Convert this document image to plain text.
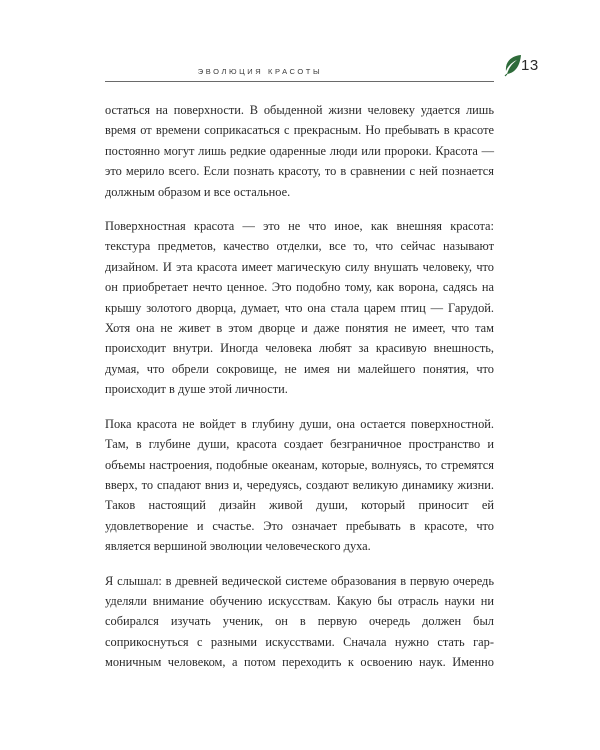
ЭВОЛЮЦИЯ КРАСОТЫ	13

остаться на поверхности. В обыденной жизни человеку удается лишь время от времени соприкасаться с прекрасным. Но пребывать в красоте постоянно могут лишь редкие одаренные люди или пророки. Красота — это мерило всего. Если познать красоту, то в сравнении с ней познается должным образом и все остальное.

Поверхностная красота — это не что иное, как внешняя красота: текстура предметов, качество отделки, все то, что сейчас называют дизайном. И эта красота имеет магическую силу внушать человеку, что он приобретает нечто ценное. Это подобно тому, как ворона, садясь на крышу золотого дворца, думает, что она стала царем птиц — Гарудой. Хотя она не живет в этом дворце и даже понятия не имеет, что там происходит внутри. Иногда человека любят за красивую внешность, думая, что обрели сокровище, не имея ни малейшего понятия, что происходит в душе этой личности.

Пока красота не войдет в глубину души, она остается поверхностной. Там, в глубине души, красота создает безграничное пространство и объемы настроения, подобные океанам, которые, волнуясь, то стремятся вверх, то спадают вниз и, чередуясь, создают великую динамику жизни. Таков настоящий дизайн живой души, который приносит ей удовлетворение и счастье. Это означает пребывать в красоте, что является вершиной эволюции человеческого духа.

Я слышал: в древней ведической системе образования в первую очередь уделяли внимание обучению искусствам. Какую бы отрасль науки ни собирался изучать ученик, он в первую очередь должен был соприкоснуться с разными искусствами. Сначала нужно стать гармоничным человеком, а потом переходить к освоению наук. Именно
